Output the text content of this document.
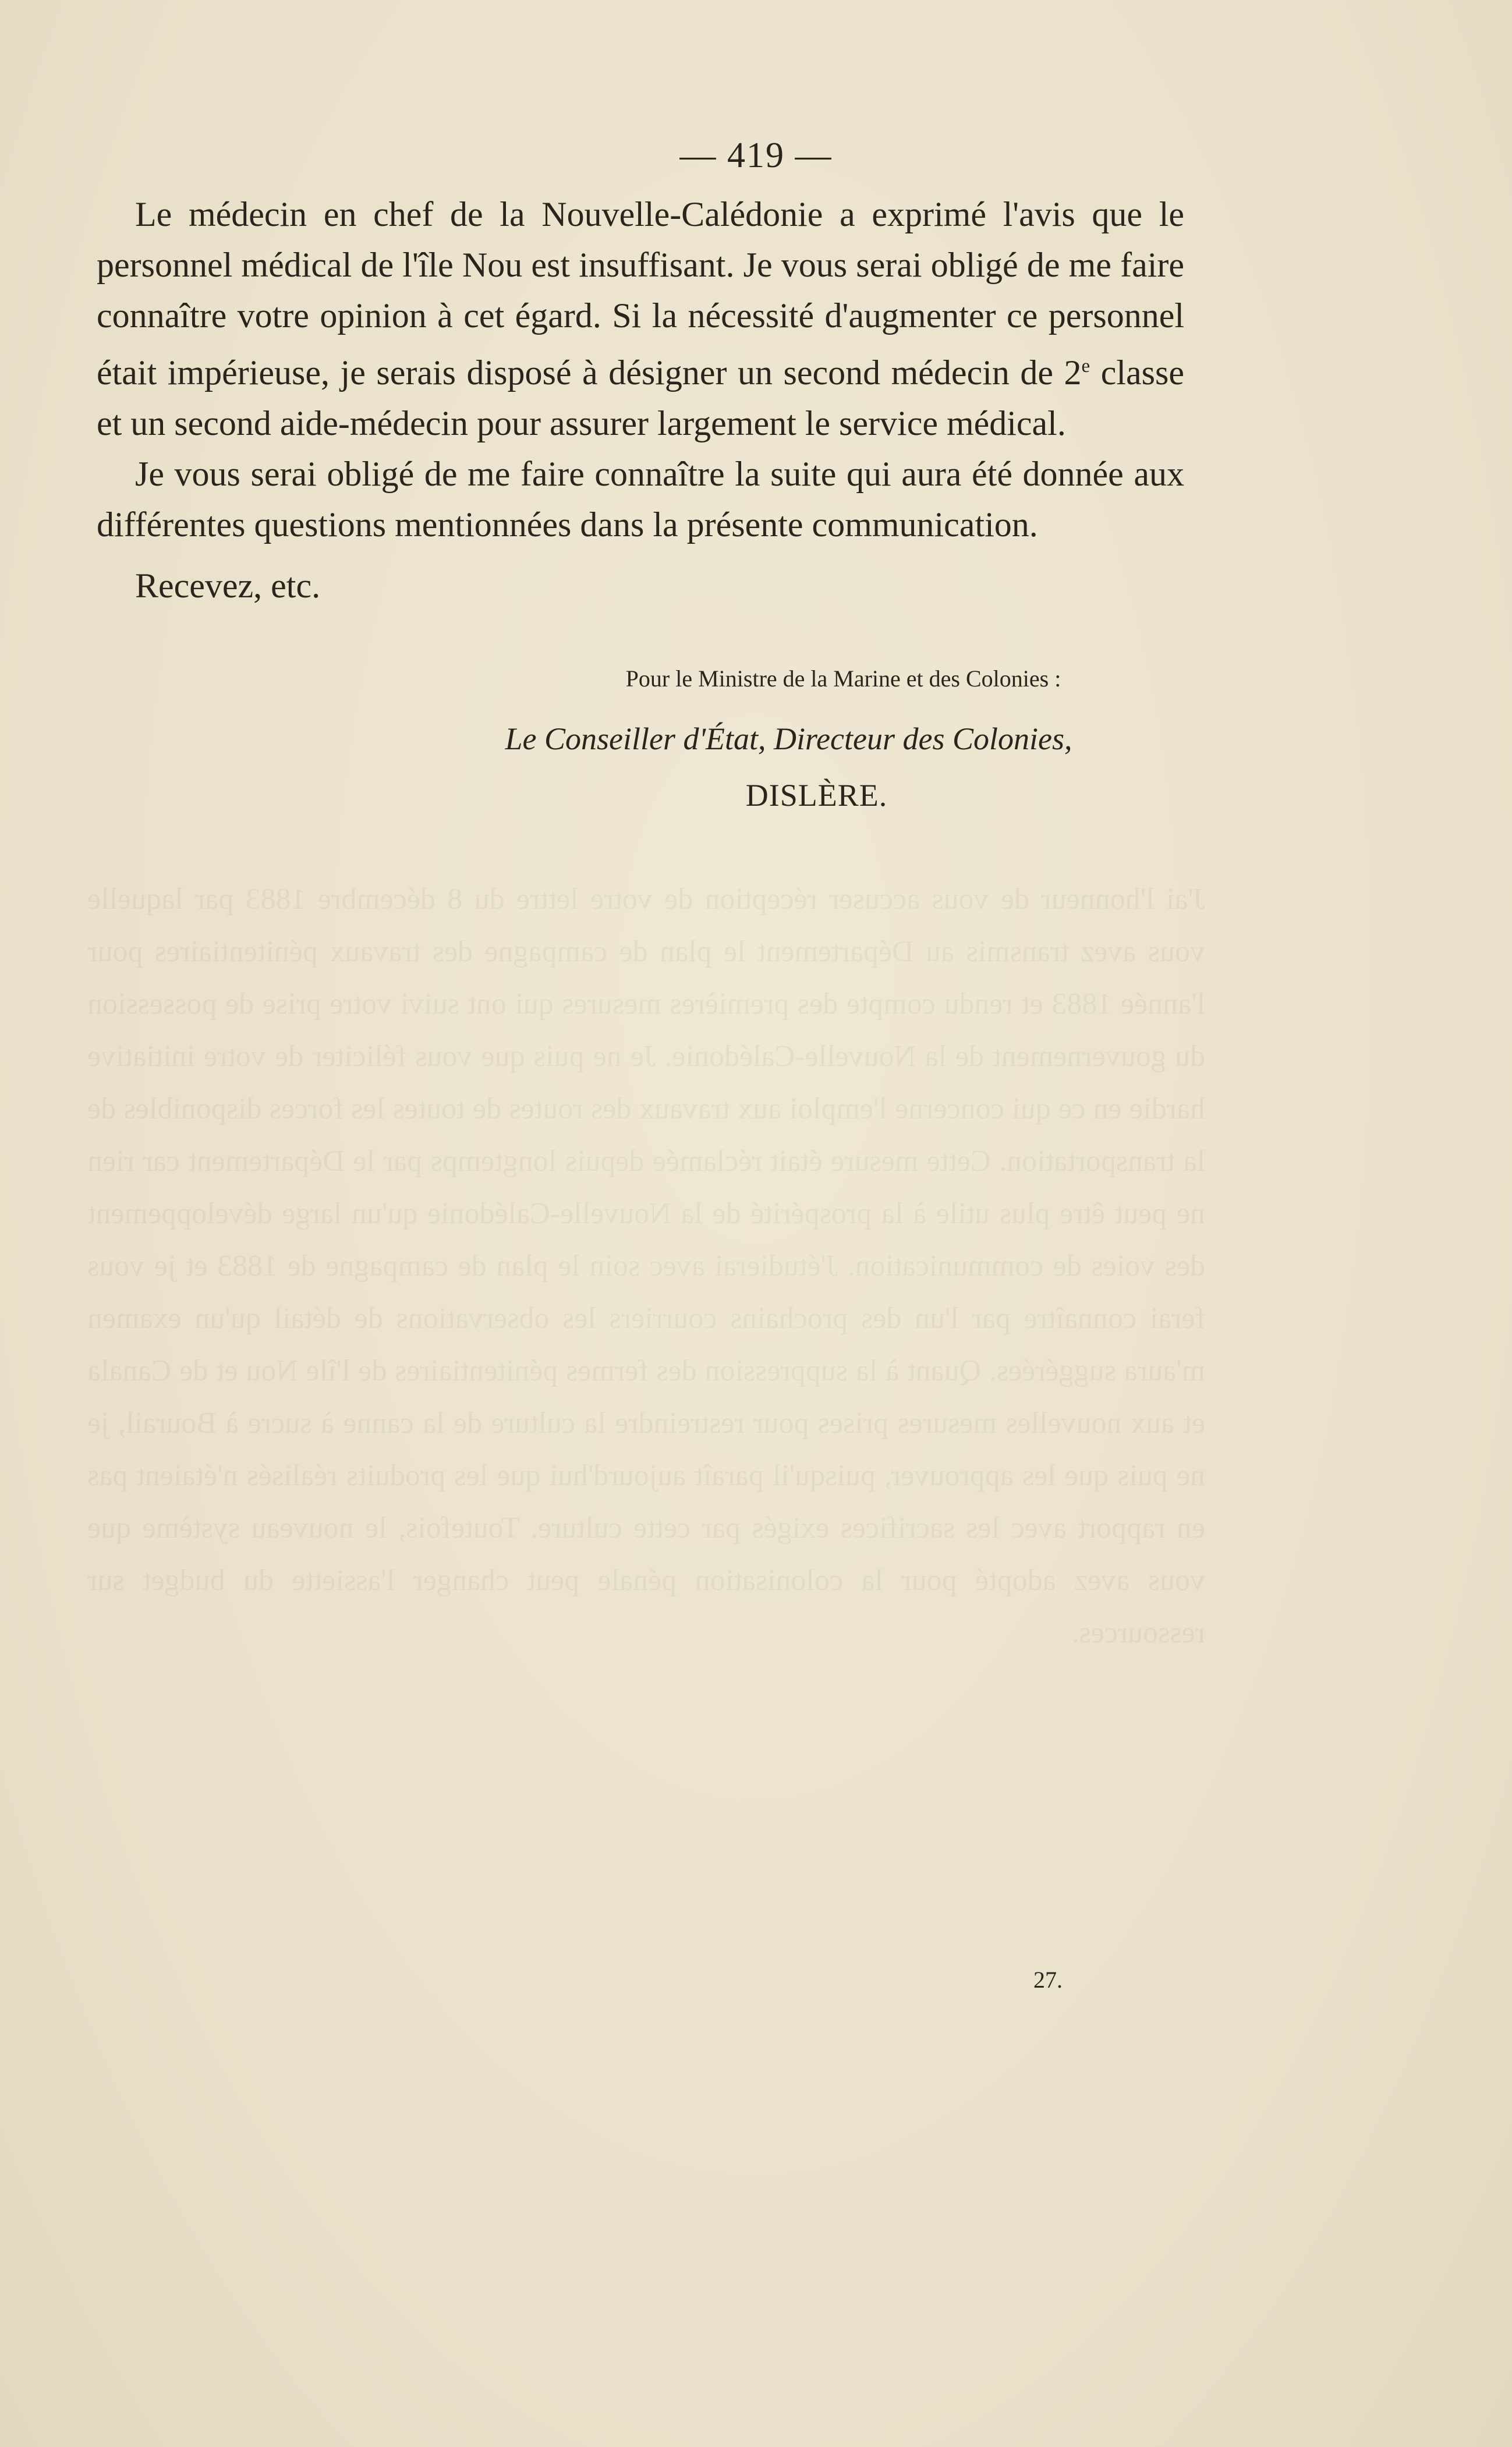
J'ai l'honneur de vous accuser réception de votre lettre du 8 décembre 1883 par laquelle vous avez transmis au Département le plan de campagne des travaux pénitentiaires pour l'année 1883 et rendu compte des premières mesures qui ont suivi votre prise de possession du gouvernement de la Nouvelle-Calédonie. Je ne puis que vous féliciter de votre initiative hardie en ce qui concerne l'emploi aux travaux des routes de toutes les forces disponibles de la transportation. Cette mesure était réclamée depuis longtemps par le Département car rien ne peut être plus utile à la prospérité de la Nouvelle-Calédonie qu'un large développement des voies de communication. J'étudierai avec soin le plan de campagne de 1883 et je vous ferai connaître par l'un des prochains courriers les observations de détail qu'un examen m'aura suggérées. Quant à la suppression des fermes pénitentiaires de l'île Nou et de Canala et aux nouvelles mesures prises pour restreindre la culture de la canne à sucre à Bourail, je ne puis que les approuver, puisqu'il paraît aujourd'hui que les produits réalisés n'étaient pas en rapport avec les sacrifices exigés par cette culture. Toutefois, le nouveau système que vous avez adopté pour la colonisation pénale peut changer l'assiette du budget sur ressources.
— 419 —

Le médecin en chef de la Nouvelle-Calédonie a exprimé l'avis que le personnel médical de l'île Nou est insuffisant. Je vous serai obligé de me faire connaître votre opinion à cet égard. Si la nécessité d'augmenter ce personnel était impérieuse, je serais disposé à désigner un second médecin de 2e classe et un second aide-médecin pour assurer largement le service médical.

Je vous serai obligé de me faire connaître la suite qui aura été donnée aux différentes questions mentionnées dans la présente communication.

Recevez, etc.

Pour le Ministre de la Marine et des Colonies :
Le Conseiller d'État, Directeur des Colonies,
DISLÈRE.
27.
